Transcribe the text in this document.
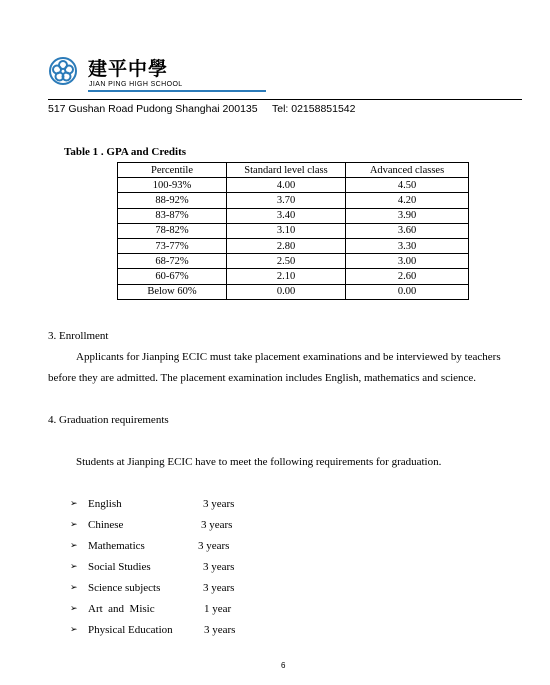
建平中學
JIAN PING HIGH SCHOOL
517 Gushan Road Pudong Shanghai 200135     Tel: 02158851542
Table 1 . GPA and Credits
Percentile	Standard level class	Advanced classes
100-93%	4.00	4.50
88-92%	3.70	4.20
83-87%	3.40	3.90
78-82%	3.10	3.60
73-77%	2.80	3.30
68-72%	2.50	3.00
60-67%	2.10	2.60
Below 60%	0.00	0.00
3. Enrollment
Applicants for Jianping ECIC must take placement examinations and be interviewed by teachers
before they are admitted. The placement examination includes English, mathematics and science.
4. Graduation requirements
Students at Jianping ECIC have to meet the following requirements for graduation.
➢ English	3 years
➢ Chinese	3 years
➢ Mathematics	3 years
➢ Social Studies	3 years
➢ Science subjects	3 years
➢ Art  and  Misic	1 year
➢ Physical Education	3 years
6
